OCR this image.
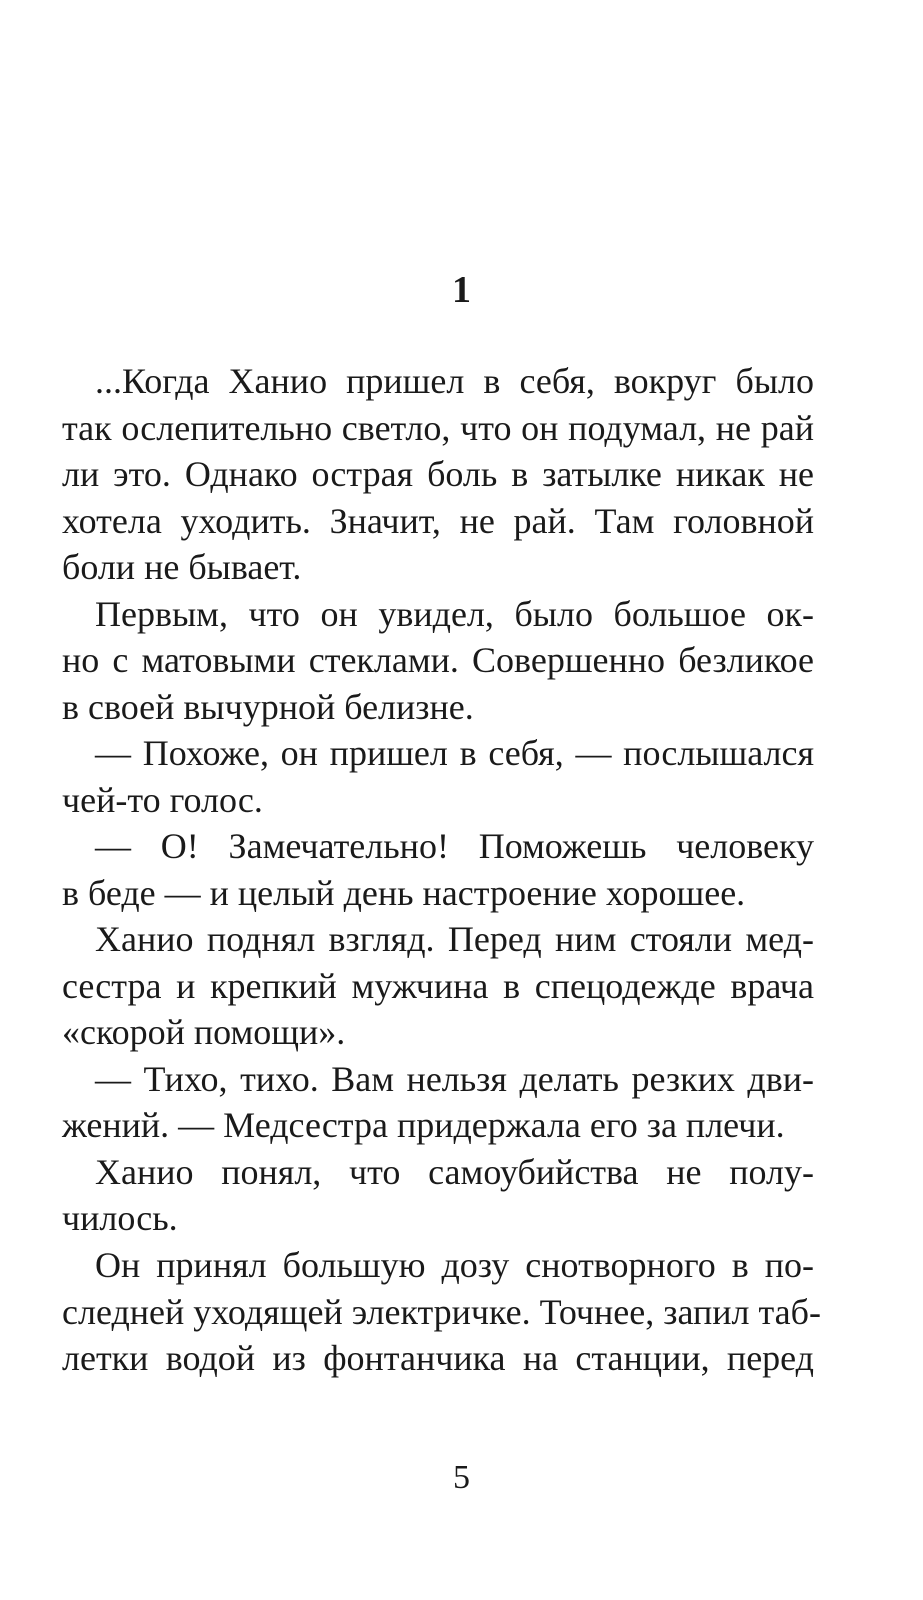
1
...Когда Ханио пришел в себя, вокруг было
так ослепительно светло, что он подумал, не рай
ли это. Однако острая боль в затылке никак не
хотела уходить. Значит, не рай. Там головной
боли не бывает.
Первым, что он увидел, было большое ок-
но с матовыми стеклами. Совершенно безликое
в своей вычурной белизне.
— Похоже, он пришел в себя, — послышался
чей-то голос.
— О! Замечательно! Поможешь человеку
в беде — и целый день настроение хорошее.
Ханио поднял взгляд. Перед ним стояли мед-
сестра и крепкий мужчина в спецодежде врача
«скорой помощи».
— Тихо, тихо. Вам нельзя делать резких дви-
жений. — Медсестра придержала его за плечи.
Ханио понял, что самоубийства не полу-
чилось.
Он принял большую дозу снотворного в по-
следней уходящей электричке. Точнее, запил таб-
летки водой из фонтанчика на станции, перед
5
